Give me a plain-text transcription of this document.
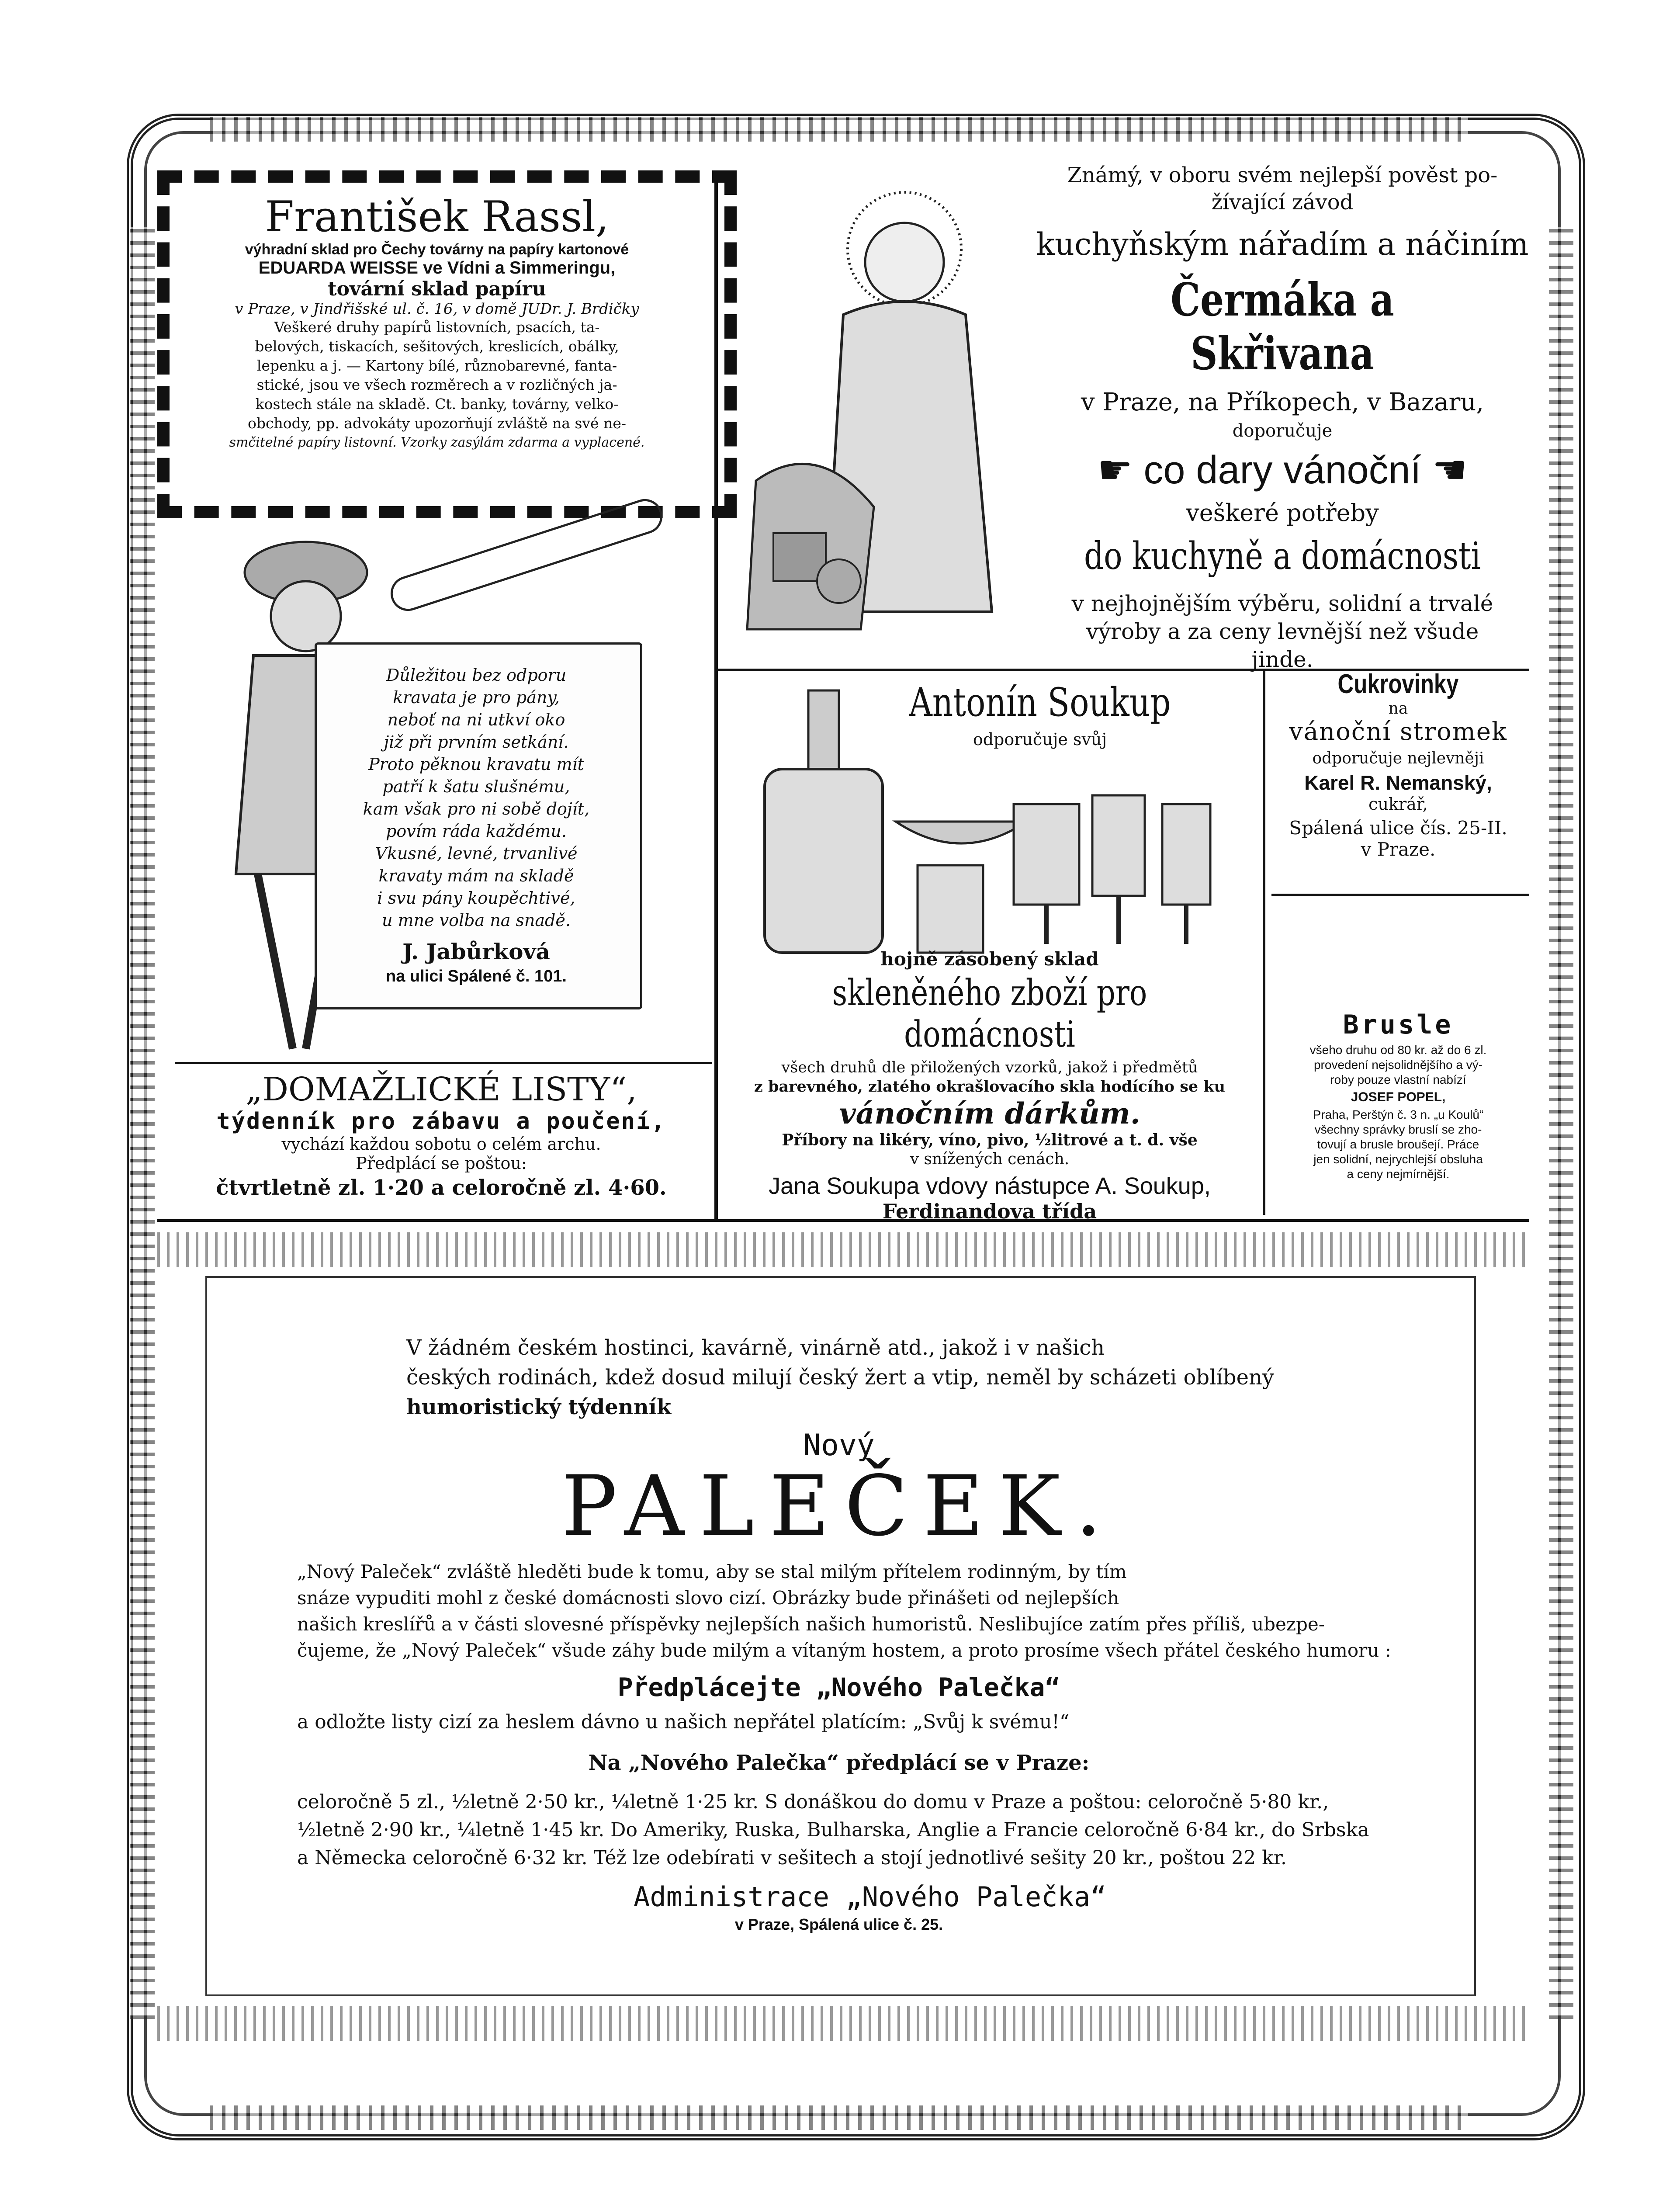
František Rassl,
výhradní sklad pro Čechy továrny na papíry kartonové
EDUARDA WEISSE ve Vídni a Simmeringu,
tovární sklad papíru
v Praze, v Jindřišské ul. č. 16, v domě JUDr. J. Brdičky
Veškeré druhy papírů listovních, psacích, ta-
belových, tiskacích, sešitových, kreslicích, obálky,
lepenku a j. — Kartony bílé, různobarevné, fanta-
stické, jsou ve všech rozměrech a v rozličných ja-
kostech stále na skladě. Ct. banky, továrny, velko-
obchody, pp. advokáty upozorňují zvláště na své ne-
smčitelné papíry listovní. Vzorky zasýlám zdarma a vyplacené.
Známý, v oboru svém nejlepší pověst po-
žívající závod
kuchyňským nářadím a náčiním
Čermáka a Skřivana
v Praze, na Příkopech, v Bazaru,
doporučuje
☛ co dary vánoční ☚
veškeré potřeby
do kuchyně a domácnosti
v nejhojnějším výběru, solidní a trvalé
výroby a za ceny levnější než všude
jinde.
Důležitou bez odporu
kravata je pro pány,
neboť na ni utkví oko
již při prvním setkání.
Proto pěknou kravatu mít
patří k šatu slušnému,
kam však pro ni sobě dojít,
povím ráda každému.
Vkusné, levné, trvanlivé
kravaty mám na skladě
i svu pány koupěchtivé,
u mne volba na snadě.
J. Jabůrková
na ulici Spálené č. 101.
Antonín Soukup
odporučuje svůj
hojně zásobený sklad
skleněného zboží pro domácnosti
všech druhů dle přiložených vzorků, jakož i předmětů
z barevného, zlatého okrašlovacího skla hodícího se ku
vánočním dárkům.
Příbory na likéry, víno, pivo, ½litrové a t. d. vše
v snížených cenách.
Jana Soukupa vdovy nástupce A. Soukup,
Ferdinandova třída
Cukrovinky
na
vánoční stromek
odporučuje nejlevněji
Karel R. Nemanský,
cukrář,
Spálená ulice čís. 25-II.
v Praze.
Brusle
všeho druhu od 80 kr. až do 6 zl.
provedení nejsolidnějšího a vý-
roby pouze vlastní nabízí
JOSEF POPEL,
Praha, Perštýn č. 3 n. „u Koulů“
všechny správky bruslí se zho-
tovují a brusle broušejí. Práce
jen solidní, nejrychlejší obsluha
a ceny nejmírnější.
„DOMAŽLICKÉ LISTY“,
týdenník pro zábavu a poučení,
vychází každou sobotu o celém archu.
Předplácí se poštou:
čtvrtletně zl. 1·20 a celoročně zl. 4·60.
V žádném českém hostinci, kavárně, vinárně atd., jakož i v našich
českých rodinách, kdež dosud milují český žert a vtip, neměl by scházeti oblíbený
humoristický týdenník
Nový
PALEČEK.
„Nový Paleček“ zvláště hleděti bude k tomu, aby se stal milým přítelem rodinným, by tím
snáze vypuditi mohl z české domácnosti slovo cizí. Obrázky bude přinášeti od nejlepších
našich kreslířů a v části slovesné příspěvky nejlepších našich humoristů. Neslibujíce zatím přes příliš, ubezpe-
čujeme, že „Nový Paleček“ všude záhy bude milým a vítaným hostem, a proto prosíme všech přátel českého humoru :
Předplácejte „Nového Palečka“
a odložte listy cizí za heslem dávno u našich nepřátel platícím: „Svůj k svému!“
Na „Nového Palečka“ předplácí se v Praze:
celoročně 5 zl., ½letně 2·50 kr., ¼letně 1·25 kr. S donáškou do domu v Praze a poštou: celoročně 5·80 kr.,
½letně 2·90 kr., ¼letně 1·45 kr. Do Ameriky, Ruska, Bulharska, Anglie a Francie celoročně 6·84 kr., do Srbska
a Německa celoročně 6·32 kr. Též lze odebírati v sešitech a stojí jednotlivé sešity 20 kr., poštou 22 kr.
Administrace „Nového Palečka“
v Praze, Spálená ulice č. 25.
